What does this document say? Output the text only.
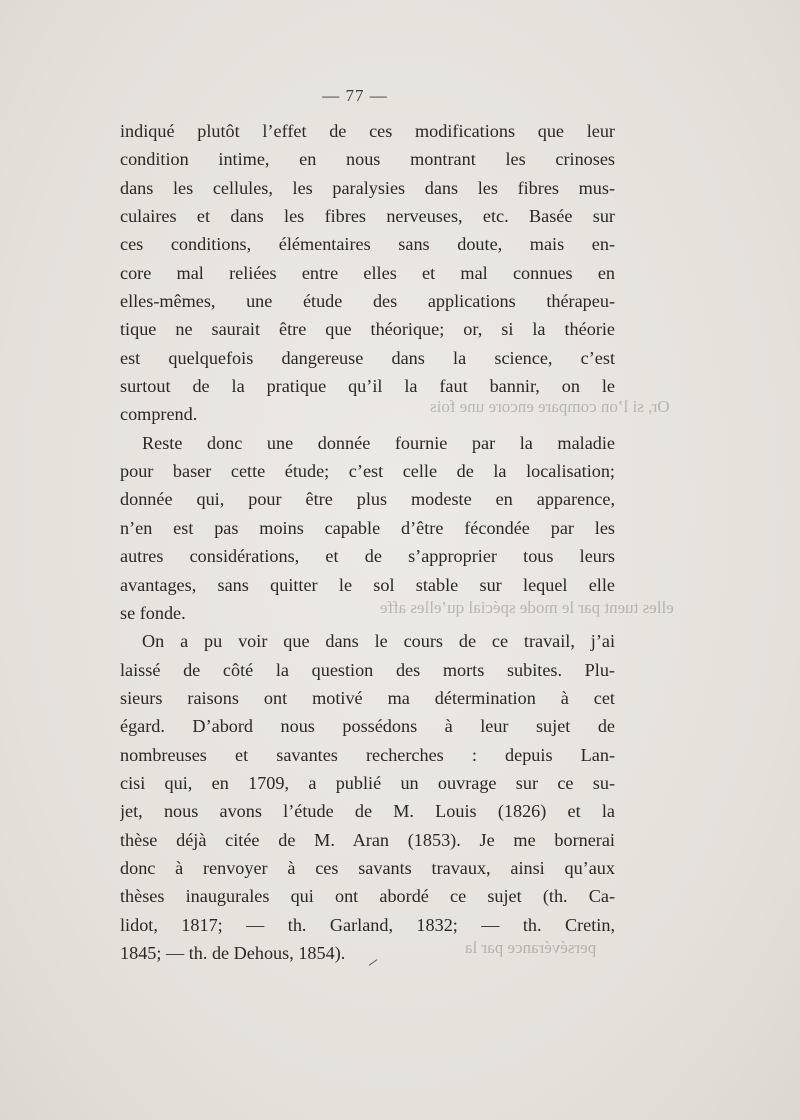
Or, si l’on compare encore une fois
elles tuent par le mode spécial qu’elles affe
persévérance par la
— 77 —
indiqué plutôt l’effet de ces modifications que leur
condition intime, en nous montrant les crinoses
dans les cellules, les paralysies dans les fibres mus-
culaires et dans les fibres nerveuses, etc. Basée sur
ces conditions, élémentaires sans doute, mais en-
core mal reliées entre elles et mal connues en
elles-mêmes, une étude des applications thérapeu-
tique ne saurait être que théorique; or, si la théorie
est quelquefois dangereuse dans la science, c’est
surtout de la pratique qu’il la faut bannir, on le
comprend.
Reste donc une donnée fournie par la maladie
pour baser cette étude; c’est celle de la localisation;
donnée qui, pour être plus modeste en apparence,
n’en est pas moins capable d’être fécondée par les
autres considérations, et de s’approprier tous leurs
avantages, sans quitter le sol stable sur lequel elle
se fonde.
On a pu voir que dans le cours de ce travail, j’ai
laissé de côté la question des morts subites. Plu-
sieurs raisons ont motivé ma détermination à cet
égard. D’abord nous possédons à leur sujet de
nombreuses et savantes recherches : depuis Lan-
cisi qui, en 1709, a publié un ouvrage sur ce su-
jet, nous avons l’étude de M. Louis (1826) et la
thèse déjà citée de M. Aran (1853). Je me bornerai
donc à renvoyer à ces savants travaux, ainsi qu’aux
thèses inaugurales qui ont abordé ce sujet (th. Ca-
lidot, 1817; — th. Garland, 1832; — th. Cretin,
1845; — th. de Dehous, 1854).
